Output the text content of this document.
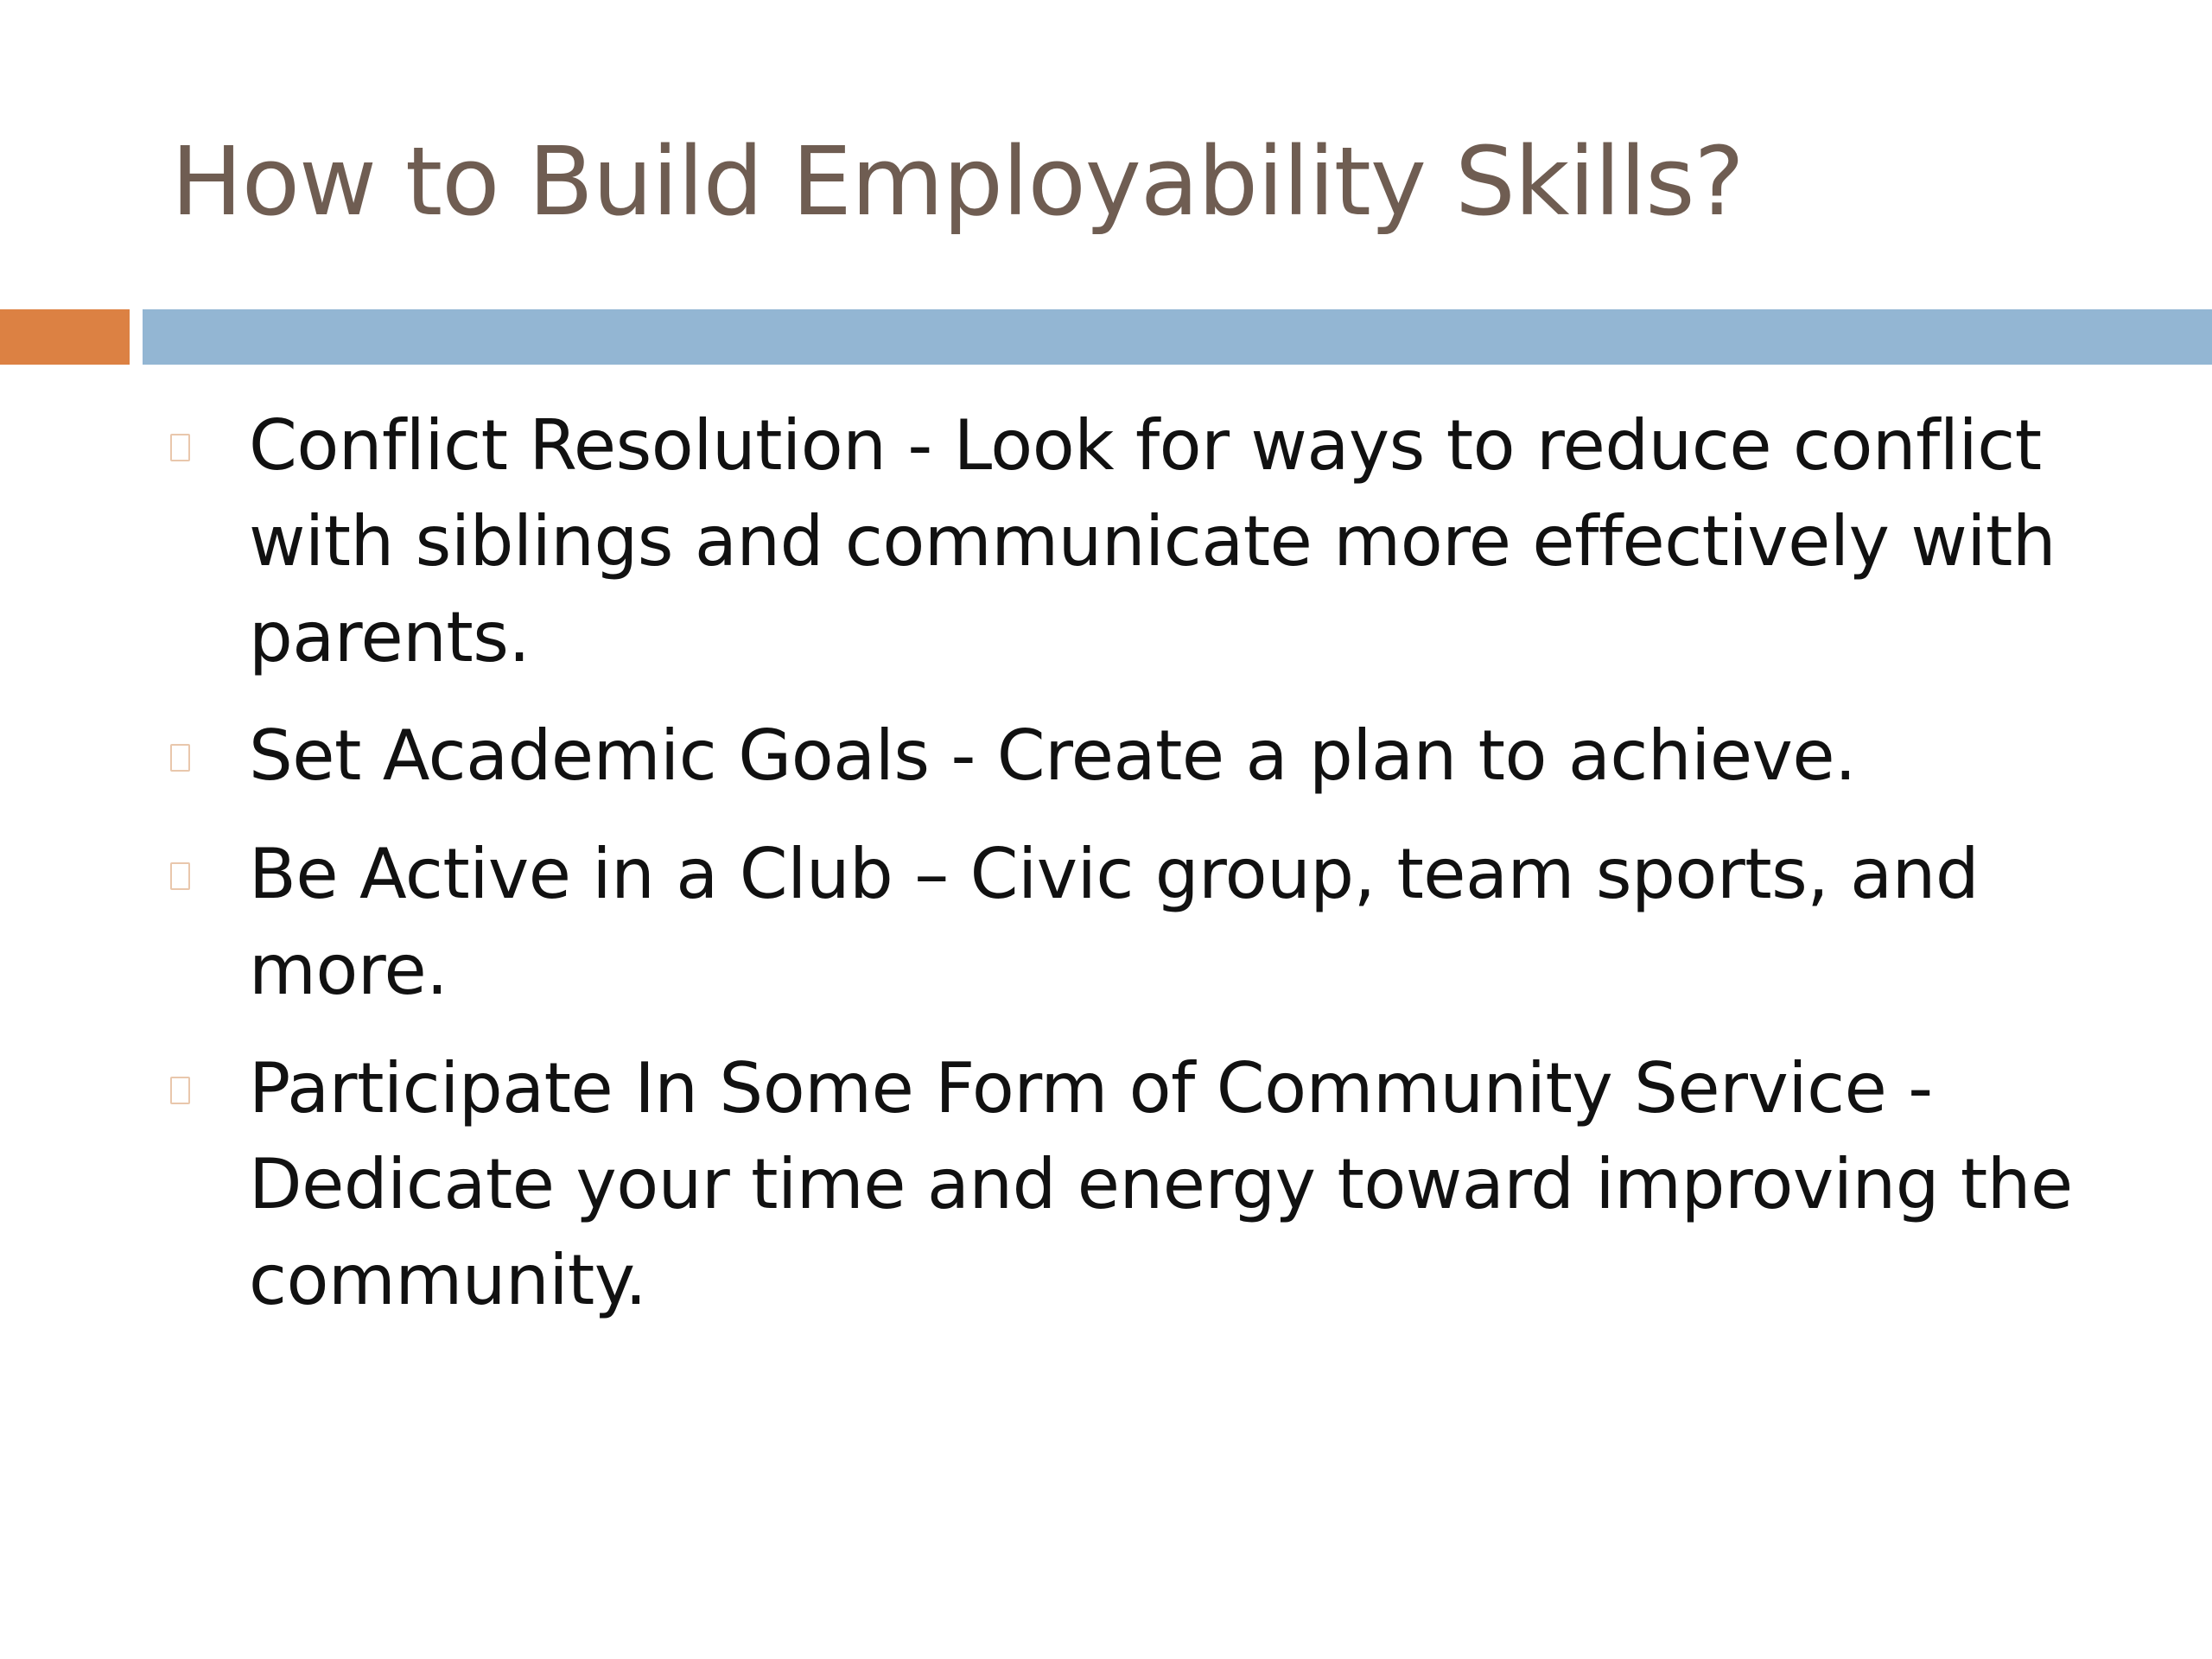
How to Build Employability Skills?
Conflict Resolution - Look for ways to reduce conflict with siblings and communicate more effectively with parents.
Set Academic Goals - Create a plan to achieve.
Be Active in a Club – Civic group, team sports, and more.
Participate In Some Form of Community Service - Dedicate your time and energy toward improving the community.
